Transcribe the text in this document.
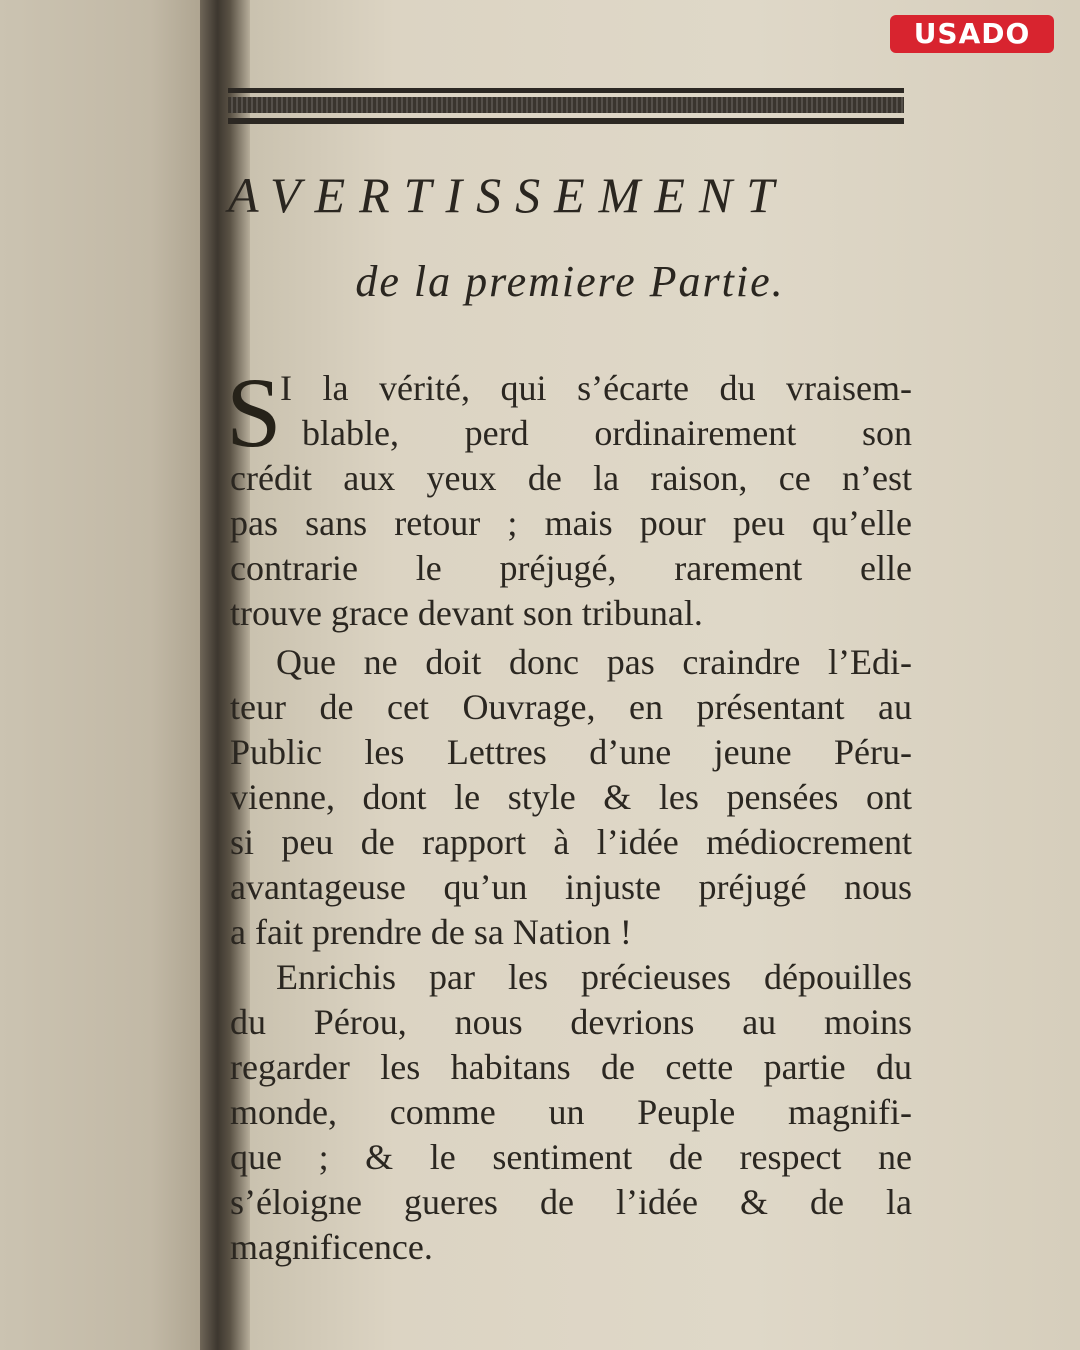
USADO
AVERTISSEMENT
de la premiere Partie.
S
I la vérité, qui s’écarte du vraisem-
blable, perd ordinairement son
crédit aux yeux de la raison, ce n’est
pas sans retour ; mais pour peu qu’elle
contrarie le préjugé, rarement elle
trouve grace devant son tribunal.
Que ne doit donc pas craindre l’Edi-
teur de cet Ouvrage, en présentant au
Public les Lettres d’une jeune Péru-
vienne, dont le style & les pensées ont
si peu de rapport à l’idée médiocrement
avantageuse qu’un injuste préjugé nous
a fait prendre de sa Nation !
Enrichis par les précieuses dépouilles
du Pérou, nous devrions au moins
regarder les habitans de cette partie du
monde, comme un Peuple magnifi-
que ; & le sentiment de respect ne
s’éloigne gueres de l’idée & de la
magnificence.
